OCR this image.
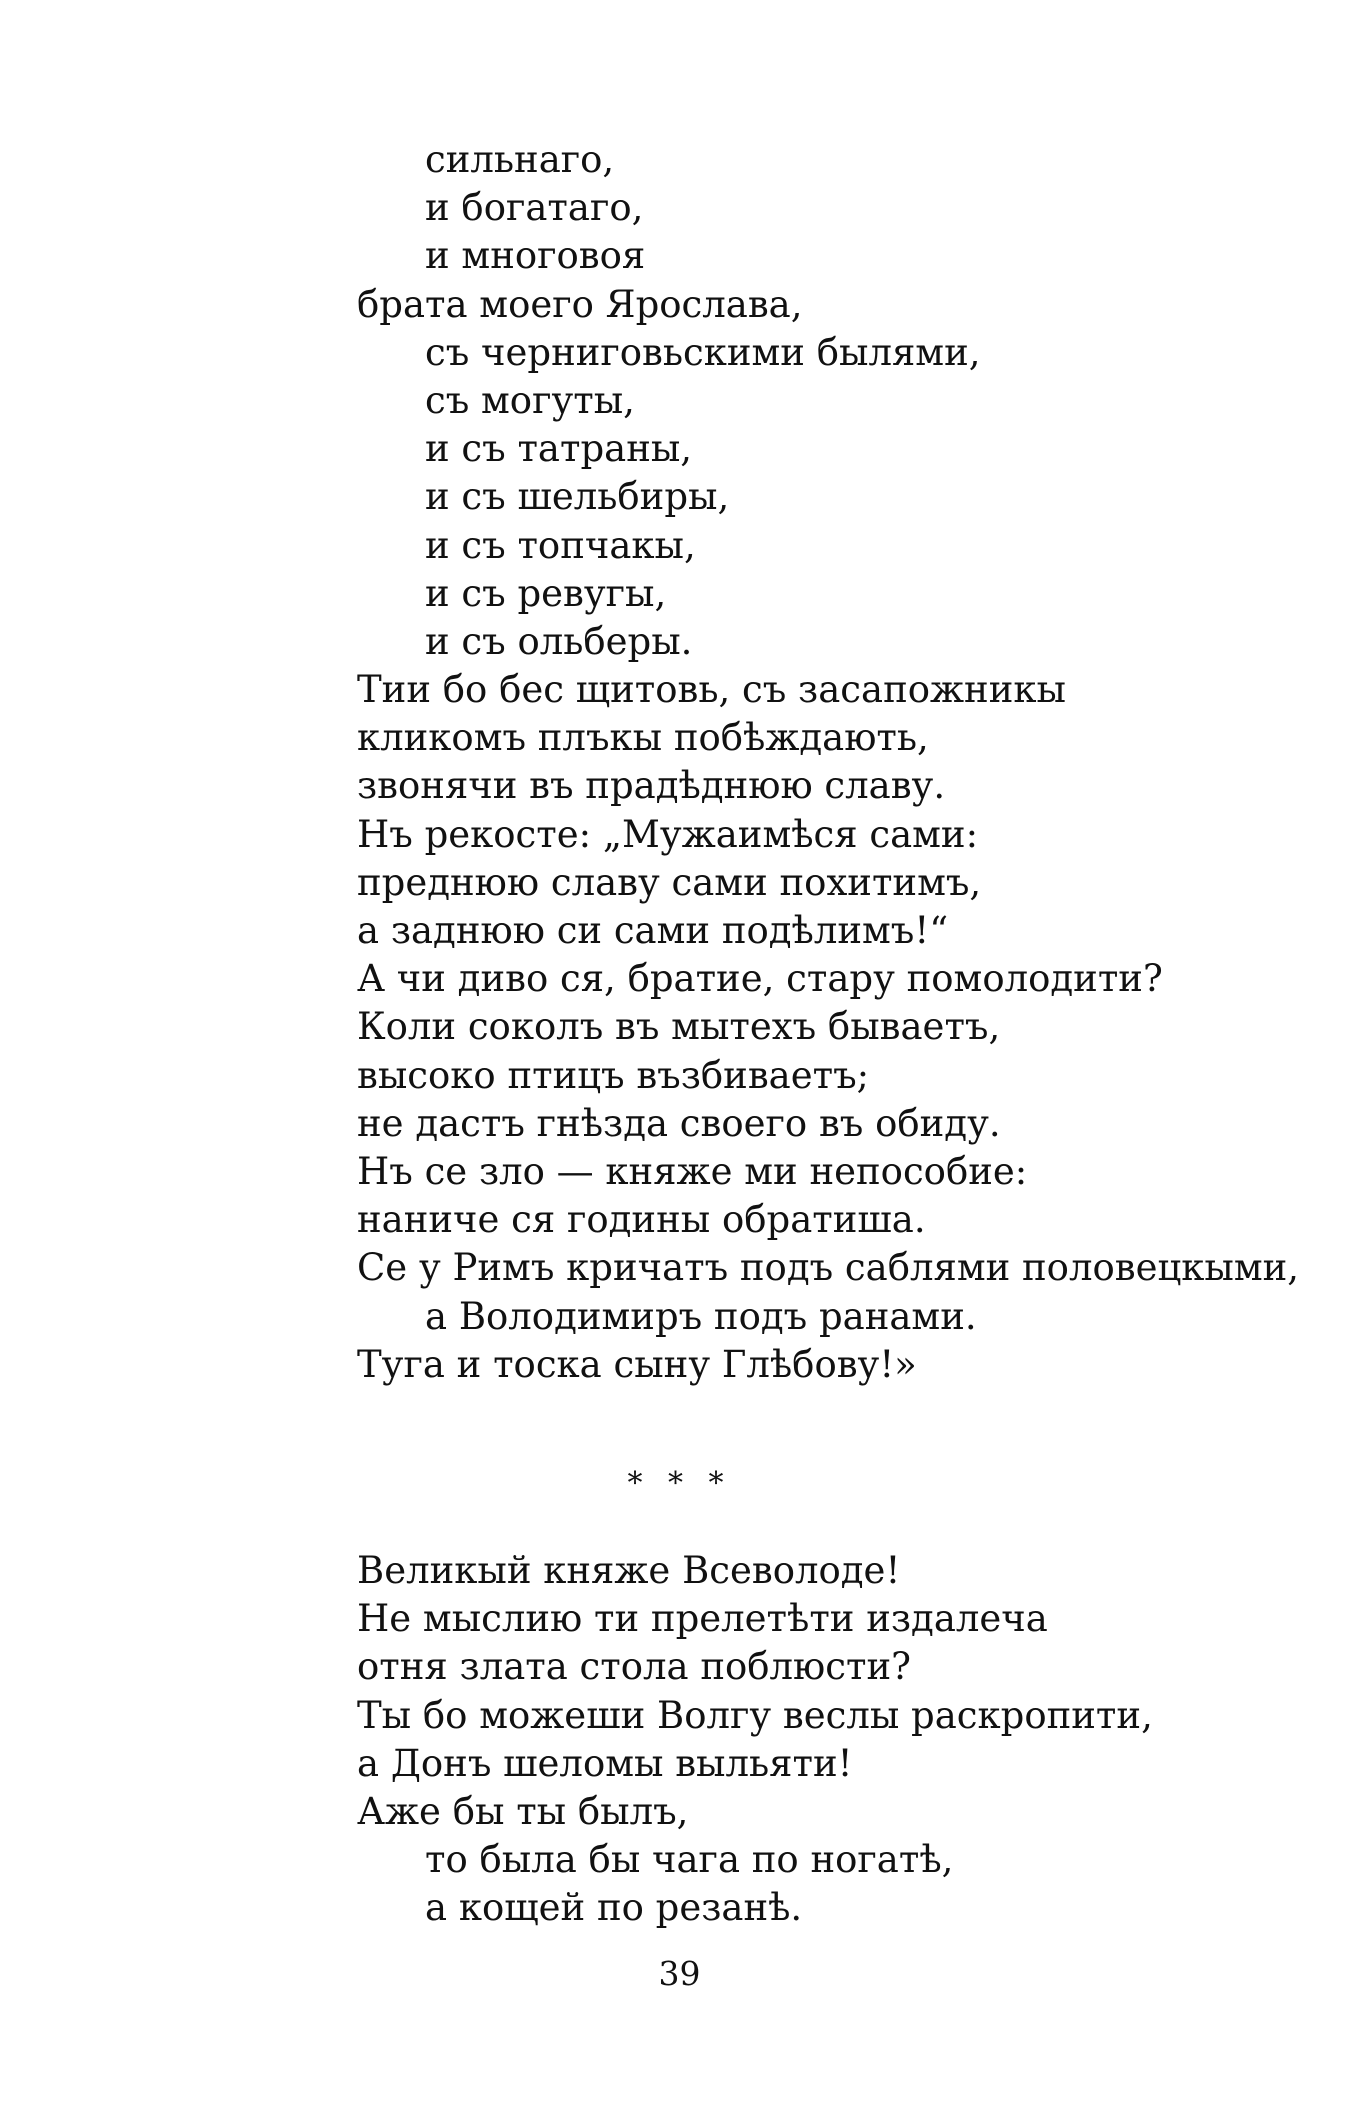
сильнаго,
и богатаго,
и многовоя
брата моего Ярослава,
съ черниговьскими былями,
съ могуты,
и съ татраны,
и съ шельбиры,
и съ топчакы,
и съ ревугы,
и съ ольберы.
Тии бо бес щитовь, съ засапожникы
кликомъ плъкы побѣждають,
звонячи въ прадѣднюю славу.
Нъ рекосте: „Мужаимѣся сами:
преднюю славу сами похитимъ,
а заднюю си сами подѣлимъ!“
А чи диво ся, братие, стару помолодити?
Коли соколъ въ мытехъ бываетъ,
высоко птицъ възбиваетъ;
не дастъ гнѣзда своего въ обиду.
Нъ се зло — княже ми непособие:
наниче ся годины обратиша.
Се у Римъ кричатъ подъ саблями половецкыми,
а Володимиръ подъ ранами.
Туга и тоска сыну Глѣбову!»
* * *
Великый княже Всеволоде!
Не мыслию ти прелетѣти издалеча
отня злата стола поблюсти?
Ты бо можеши Волгу веслы раскропити,
а Донъ шеломы выльяти!
Аже бы ты былъ,
то была бы чага по ногатѣ,
а кощей по резанѣ.
39
